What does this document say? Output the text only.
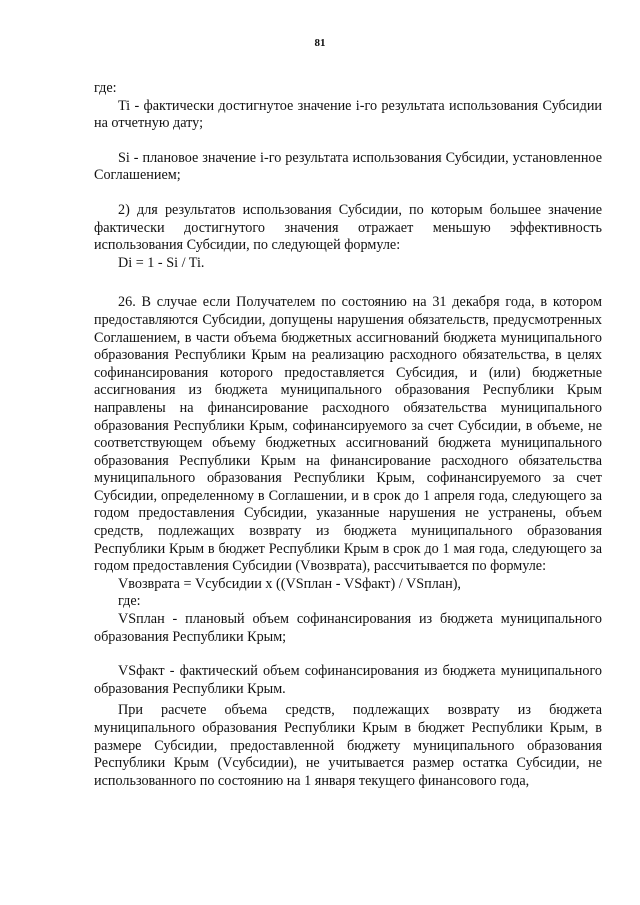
81

где:

Ti - фактически достигнутое значение i-го результата использования Субсидии на отчетную дату;

Si - плановое значение i-го результата использования Субсидии, установленное Соглашением;

2) для результатов использования Субсидии, по которым большее значение фактически достигнутого значения отражает меньшую эффективность использования Субсидии, по следующей формуле:

Di = 1 - Si / Ti.

26. В случае если Получателем по состоянию на 31 декабря года, в котором предоставляются Субсидии, допущены нарушения обязательств, предусмотренных Соглашением, в части объема бюджетных ассигнований бюджета муниципального образования Республики Крым на реализацию расходного обязательства, в целях софинансирования которого предоставляется Субсидия, и (или) бюджетные ассигнования из бюджета муниципального образования Республики Крым направлены на финансирование расходного обязательства муниципального образования Республики Крым, софинансируемого за счет Субсидии, в объеме, не соответствующем объему бюджетных ассигнований бюджета муниципального образования Республики Крым на финансирование расходного обязательства муниципального образования Республики Крым, софинансируемого за счет Субсидии, определенному в Соглашении, и в срок до 1 апреля года, следующего за годом предоставления Субсидии, указанные нарушения не устранены, объем средств, подлежащих возврату из бюджета муниципального образования Республики Крым в бюджет Республики Крым в срок до 1 мая года, следующего за годом предоставления Субсидии (Vвозврата), рассчитывается по формуле:

Vвозврата = Vсубсидии x ((VSплан - VSфакт) / VSплан),

где:

VSплан - плановый объем софинансирования из бюджета муниципального образования Республики Крым;

VSфакт - фактический объем софинансирования из бюджета муниципального образования Республики Крым.

При расчете объема средств, подлежащих возврату из бюджета муниципального образования Республики Крым в бюджет Республики Крым, в размере Субсидии, предоставленной бюджету муниципального образования Республики Крым (Vсубсидии), не учитывается размер остатка Субсидии, не использованного по состоянию на 1 января текущего финансового года,
